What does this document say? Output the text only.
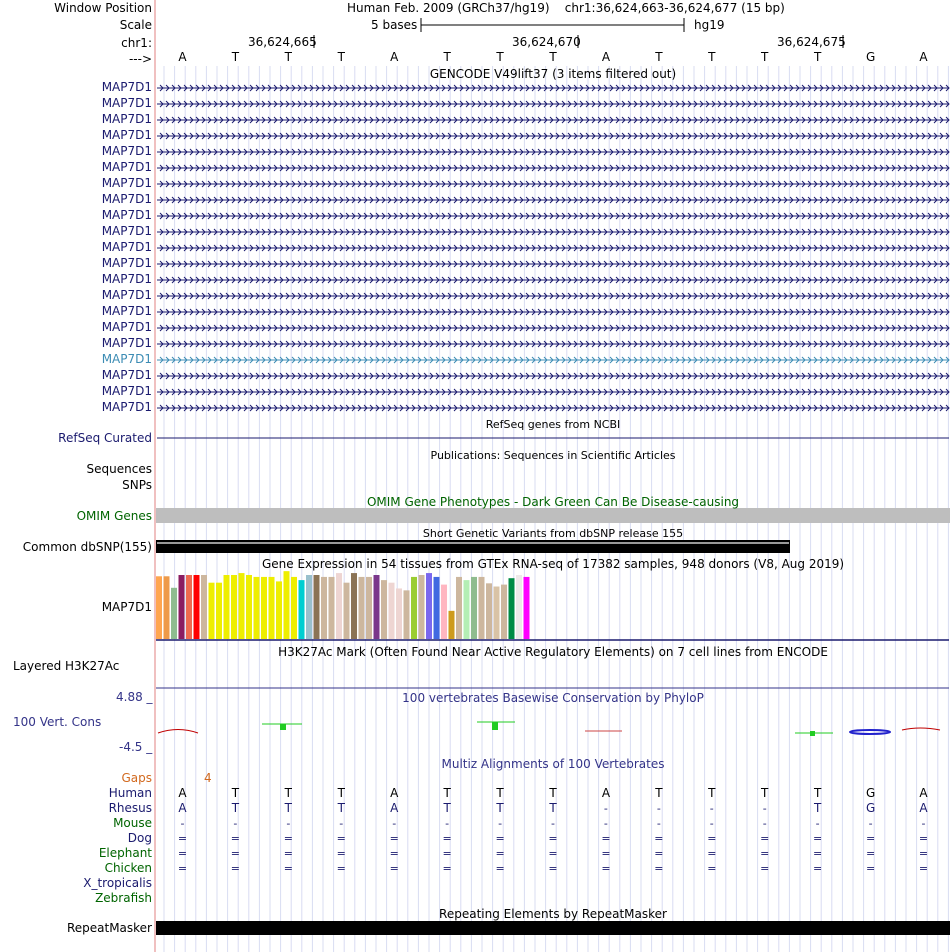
Window Position	Human Feb. 2009 (GRCh37/hg19)    chr1:36,624,663-36,624,677 (15 bp)
Scale	5 bases	hg19
chr1:	36,624,665	36,624,670	36,624,675
--->	A	T	T	T	A	T	T	T	A	T	T	T	T	G	A
GENCODE V49lift37 (3 items filtered out)
MAP7D1
MAP7D1
MAP7D1
MAP7D1
MAP7D1
MAP7D1
MAP7D1
MAP7D1
MAP7D1
MAP7D1
MAP7D1
MAP7D1
MAP7D1
MAP7D1
MAP7D1
MAP7D1
MAP7D1
MAP7D1
MAP7D1
MAP7D1
MAP7D1
RefSeq genes from NCBI
RefSeq Curated
Publications: Sequences in Scientific Articles
Sequences
SNPs
OMIM Gene Phenotypes - Dark Green Can Be Disease-causing
OMIM Genes
Short Genetic Variants from dbSNP release 155
Common dbSNP(155)
Gene Expression in 54 tissues from GTEx RNA-seq of 17382 samples, 948 donors (V8, Aug 2019)
MAP7D1
H3K27Ac Mark (Often Found Near Active Regulatory Elements) on 7 cell lines from ENCODE
Layered H3K27Ac
100 vertebrates Basewise Conservation by PhyloP
4.88 _
100 Vert. Cons
-4.5 _
Multiz Alignments of 100 Vertebrates
Gaps	4
Human	A	T	T	T	A	T	T	T	A	T	T	T	T	G	A
Rhesus	A	T	T	T	A	T	T	T	-	-	-	-	T	G	A
Mouse	-	-	-	-	-	-	-	-	-	-	-	-	-	-	-
Dog	=	=	=	=	=	=	=	=	=	=	=	=	=	=	=
Elephant	=	=	=	=	=	=	=	=	=	=	=	=	=	=	=
Chicken	=	=	=	=	=	=	=	=	=	=	=	=	=	=	=
X_tropicalis
Zebrafish
Repeating Elements by RepeatMasker
RepeatMasker
